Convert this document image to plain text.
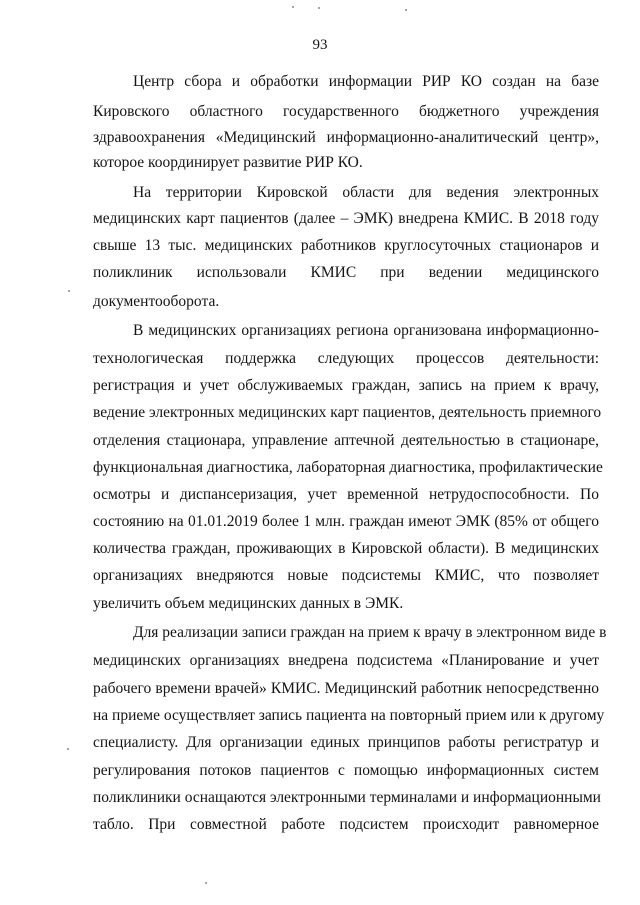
93
Центр сбора и обработки информации РИР КО создан на базе
Кировского областного государственного бюджетного учреждения
здравоохранения «Медицинский информационно-аналитический центр»,
которое координирует развитие РИР КО.
На территории Кировской области для ведения электронных
медицинских карт пациентов (далее – ЭМК) внедрена КМИС. В 2018 году
свыше 13 тыс. медицинских работников круглосуточных стационаров и
поликлиник использовали КМИС при ведении медицинского
документооборота.
В медицинских организациях региона организована информационно-
технологическая поддержка следующих процессов деятельности:
регистрация и учет обслуживаемых граждан, запись на прием к врачу,
ведение электронных медицинских карт пациентов, деятельность приемного
отделения стационара, управление аптечной деятельностью в стационаре,
функциональная диагностика, лабораторная диагностика, профилактические
осмотры и диспансеризация, учет временной нетрудоспособности. По
состоянию на 01.01.2019 более 1 млн. граждан имеют ЭМК (85% от общего
количества граждан, проживающих в Кировской области). В медицинских
организациях внедряются новые подсистемы КМИС, что позволяет
увеличить объем медицинских данных в ЭМК.
Для реализации записи граждан на прием к врачу в электронном виде в
медицинских организациях внедрена подсистема «Планирование и учет
рабочего времени врачей» КМИС. Медицинский работник непосредственно
на приеме осуществляет запись пациента на повторный прием или к другому
специалисту. Для организации единых принципов работы регистратур и
регулирования потоков пациентов с помощью информационных систем
поликлиники оснащаются электронными терминалами и информационными
табло. При совместной работе подсистем происходит равномерное
